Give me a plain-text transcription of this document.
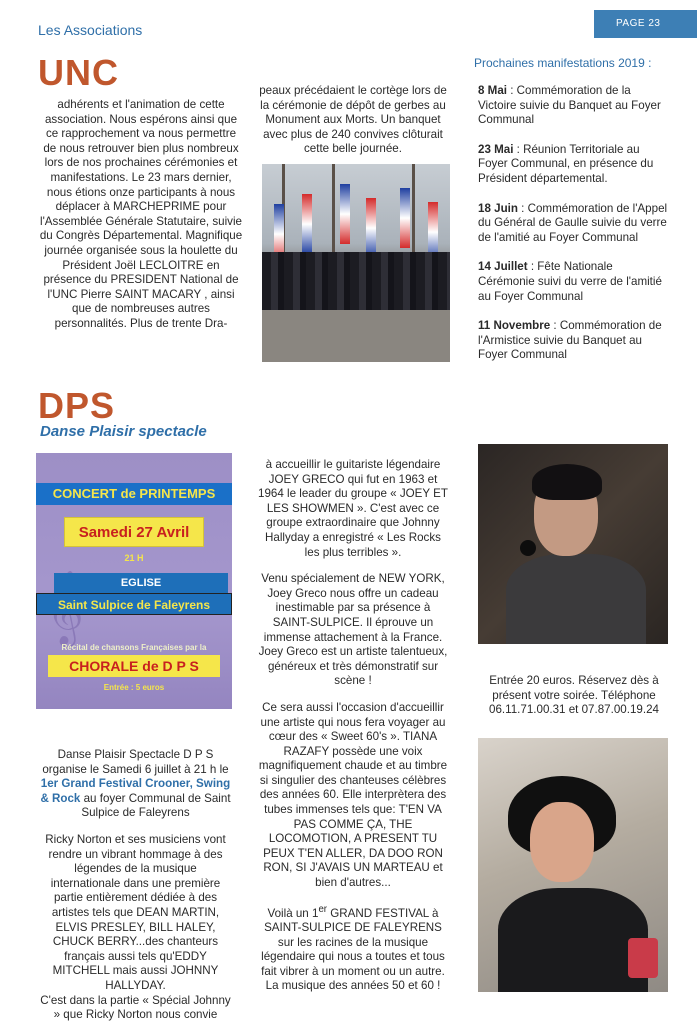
Les Associations	PAGE 23
UNC

adhérents et l'animation de cette association. Nous espérons ainsi que ce rapprochement va nous permettre de nous retrouver bien plus nombreux lors de nos prochaines cérémonies et manifestations. Le 23 mars dernier, nous étions onze participants à nous déplacer à MARCHEPRIME pour l'Assemblée Générale Statutaire, suivie du Congrès Départemental. Magnifique journée organisée sous la houlette du Président Joël LECLOITRE en présence du PRESIDENT National de l'UNC Pierre SAINT MACARY , ainsi que de nombreuses autres personnalités. Plus de trente Dra-

peaux précédaient le cortège lors de la cérémonie de dépôt de gerbes au Monument aux Morts. Un banquet avec plus de 240 convives clôturait cette belle journée.

Prochaines manifestations 2019 :

8 Mai : Commémoration de la Victoire suivie du Banquet au Foyer Communal

23 Mai : Réunion Territoriale au Foyer Communal, en présence du Président départemental.

18 Juin : Commémoration de l'Appel du Général de Gaulle suivie du verre de l'amitié au Foyer Communal

14 Juillet : Fête Nationale Cérémonie suivi du verre de l'amitié au Foyer Communal

11 Novembre : Commémoration de l'Armistice suivie du Banquet au Foyer Communal

DPS
Danse Plaisir spectacle
CONCERT de PRINTEMPS
Samedi 27 Avril
21 H
EGLISE
Saint Sulpice de Faleyrens
Récital de chansons Françaises par la
CHORALE de D P S
Entrée : 5 euros

Danse Plaisir Spectacle D P S organise le Samedi 6 juillet à 21 h le 1er Grand Festival Crooner, Swing & Rock au foyer Communal de Saint Sulpice de Faleyrens

Ricky Norton et ses musiciens vont rendre un vibrant hommage à des légendes de la musique internationale dans une première partie entièrement dédiée à des artistes tels que DEAN MARTIN, ELVIS PRESLEY, BILL HALEY, CHUCK BERRY...des chanteurs français aussi tels qu'EDDY MITCHELL mais aussi JOHNNY HALLYDAY.

C'est dans la partie « Spécial Johnny » que Ricky Norton nous convie

à accueillir le guitariste légendaire JOEY GRECO qui fut en 1963 et 1964 le leader du groupe « JOEY ET LES SHOWMEN ». C'est avec ce groupe extraordinaire que Johnny Hallyday a enregistré « Les Rocks les plus terribles ».

Venu spécialement de NEW YORK, Joey Greco nous offre un cadeau inestimable par sa présence à SAINT-SULPICE. Il éprouve un immense attachement à la France. Joey Greco est un artiste talentueux, généreux et très démonstratif sur scène !

Ce sera aussi l'occasion d'accueillir une artiste qui nous fera voyager au cœur des « Sweet 60's ». TIANA RAZAFY possède une voix magnifiquement chaude et au timbre si singulier des chanteuses célèbres des années 60. Elle interprètera des tubes immenses tels que: T'EN VA PAS COMME ÇA, THE LOCOMOTION, A PRESENT TU PEUX T'EN ALLER, DA DOO RON RON, SI J'AVAIS UN MARTEAU et bien d'autres...

Voilà un 1er GRAND FESTIVAL à SAINT-SULPICE DE FALEYRENS sur les racines de la musique légendaire qui nous a toutes et tous fait vibrer à un moment ou un autre. La musique des années 50 et 60 !

Entrée 20 euros. Réservez dès à présent votre soirée. Téléphone 06.11.71.00.31 et 07.87.00.19.24
